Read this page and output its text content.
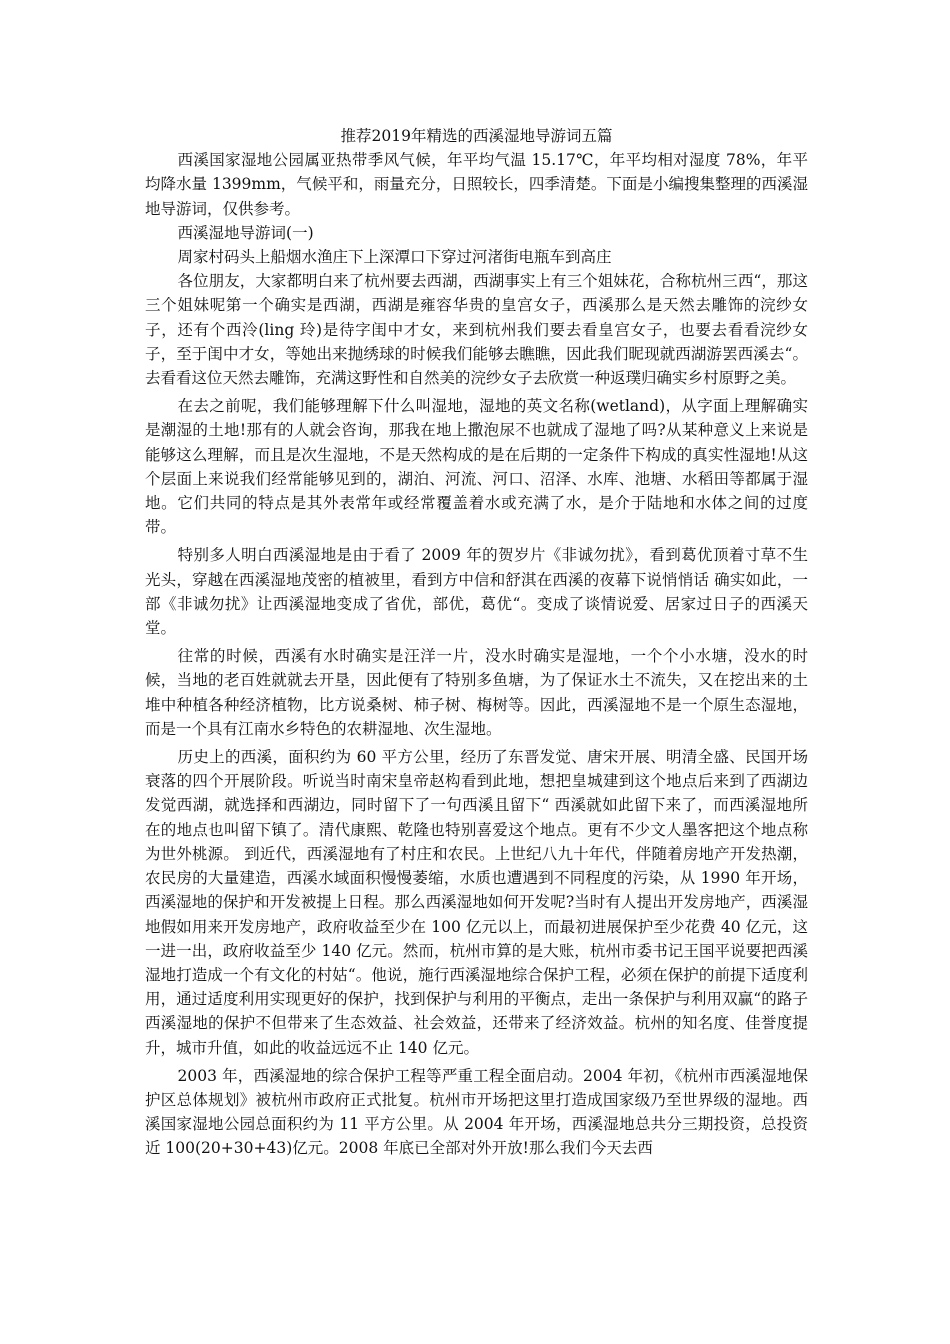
推荐2019年精选的西溪湿地导游词五篇

西溪国家湿地公园属亚热带季风气候，年平均气温 15.17℃，年平均相对湿度 78%，年平均降水量 1399mm，气候平和，雨量充分，日照较长，四季清楚。下面是小编搜集整理的西溪湿地导游词，仅供参考。

西溪湿地导游词(一)

周家村码头上船烟水渔庄下上深潭口下穿过河渚街电瓶车到高庄

各位朋友，大家都明白来了杭州要去西湖，西湖事实上有三个姐妹花，合称杭州三西“，那这三个姐妹呢第一个确实是西湖，西湖是雍容华贵的皇宫女子，西溪那么是天然去雕饰的浣纱女子，还有个西泠(ling 玲)是待字闺中才女，来到杭州我们要去看皇宫女子，也要去看看浣纱女子，至于闺中才女，等她出来抛绣球的时候我们能够去瞧瞧，因此我们昵现就西湖游罢西溪去“。去看看这位天然去雕饰，充满这野性和自然美的浣纱女子去欣赏一种返璞归确实乡村原野之美。

在去之前呢，我们能够理解下什么叫湿地，湿地的英文名称(wetland)，从字面上理解确实是潮湿的土地!那有的人就会咨询，那我在地上撒泡尿不也就成了湿地了吗?从某种意义上来说是能够这么理解，而且是次生湿地，不是天然构成的是在后期的一定条件下构成的真实性湿地!从这个层面上来说我们经常能够见到的，湖泊、河流、河口、沼泽、水库、池塘、水稻田等都属于湿地。它们共同的特点是其外表常年或经常覆盖着水或充满了水，是介于陆地和水体之间的过度带。

特别多人明白西溪湿地是由于看了 2009 年的贺岁片《非诚勿扰》，看到葛优顶着寸草不生光头，穿越在西溪湿地茂密的植被里，看到方中信和舒淇在西溪的夜幕下说悄悄话 确实如此，一部《非诚勿扰》让西溪湿地变成了省优，部优，葛优“。变成了谈情说爱、居家过日子的西溪天堂。

往常的时候，西溪有水时确实是汪洋一片，没水时确实是湿地，一个个小水塘，没水的时候，当地的老百姓就就去开垦，因此便有了特别多鱼塘，为了保证水土不流失，又在挖出来的土堆中种植各种经济植物，比方说桑树、柿子树、梅树等。因此，西溪湿地不是一个原生态湿地，而是一个具有江南水乡特色的农耕湿地、次生湿地。

历史上的西溪，面积约为 60 平方公里，经历了东晋发觉、唐宋开展、明清全盛、民国开场衰落的四个开展阶段。听说当时南宋皇帝赵构看到此地，想把皇城建到这个地点后来到了西湖边发觉西湖，就选择和西湖边，同时留下了一句西溪且留下“ 西溪就如此留下来了，而西溪湿地所在的地点也叫留下镇了。清代康熙、乾隆也特别喜爱这个地点。更有不少文人墨客把这个地点称为世外桃源。 到近代，西溪湿地有了村庄和农民。上世纪八九十年代，伴随着房地产开发热潮，农民房的大量建造，西溪水域面积慢慢萎缩，水质也遭遇到不同程度的污染，从 1990 年开场，西溪湿地的保护和开发被提上日程。那么西溪湿地如何开发呢?当时有人提出开发房地产，西溪湿地假如用来开发房地产，政府收益至少在 100 亿元以上，而最初进展保护至少花费 40 亿元，这一进一出，政府收益至少 140 亿元。然而，杭州市算的是大账，杭州市委书记王国平说要把西溪湿地打造成一个有文化的村姑“。他说，施行西溪湿地综合保护工程，必须在保护的前提下适度利用，通过适度利用实现更好的保护，找到保护与利用的平衡点，走出一条保护与利用双赢“的路子西溪湿地的保护不但带来了生态效益、社会效益，还带来了经济效益。杭州的知名度、佳誉度提升，城市升值，如此的收益远远不止 140 亿元。

2003 年，西溪湿地的综合保护工程等严重工程全面启动。2004 年初，《杭州市西溪湿地保护区总体规划》被杭州市政府正式批复。杭州市开场把这里打造成国家级乃至世界级的湿地。西溪国家湿地公园总面积约为 11 平方公里。从 2004 年开场，西溪湿地总共分三期投资，总投资近 100(20+30+43)亿元。2008 年底已全部对外开放!那么我们今天去西
